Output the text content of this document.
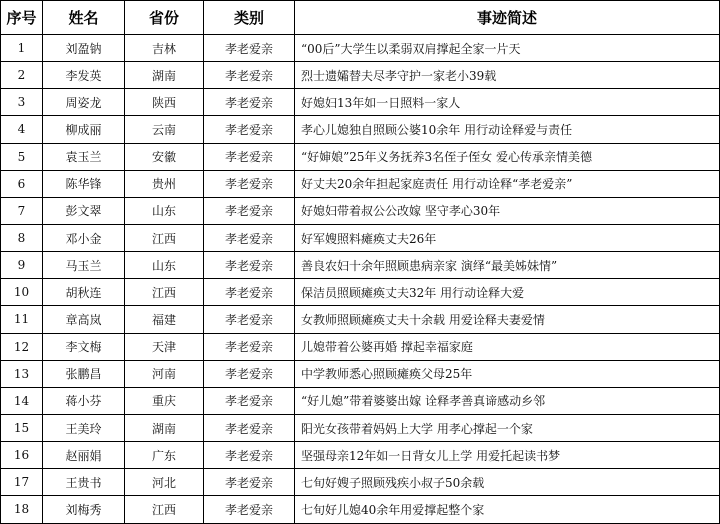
序号	姓名	省份	类别	事迹简述
1	刘盈钠	吉林	孝老爱亲	“00后”大学生以柔弱双肩撑起全家一片天
2	李发英	湖南	孝老爱亲	烈士遗孀替夫尽孝守护一家老小39载
3	周姿龙	陕西	孝老爱亲	好媳妇13年如一日照料一家人
4	柳成丽	云南	孝老爱亲	孝心儿媳独自照顾公婆10余年 用行动诠释爱与责任
5	袁玉兰	安徽	孝老爱亲	“好婶娘”25年义务抚养3名侄子侄女 爱心传承亲情美德
6	陈华锋	贵州	孝老爱亲	好丈夫20余年担起家庭责任 用行动诠释“孝老爱亲”
7	彭文翠	山东	孝老爱亲	好媳妇带着叔公公改嫁 坚守孝心30年
8	邓小金	江西	孝老爱亲	好军嫂照料瘫痪丈夫26年
9	马玉兰	山东	孝老爱亲	善良农妇十余年照顾患病亲家 演绎“最美姊妹情”
10	胡秋连	江西	孝老爱亲	保洁员照顾瘫痪丈夫32年 用行动诠释大爱
11	章高岚	福建	孝老爱亲	女教师照顾瘫痪丈夫十余载 用爱诠释夫妻爱情
12	李文梅	天津	孝老爱亲	儿媳带着公婆再婚 撑起幸福家庭
13	张鹏昌	河南	孝老爱亲	中学教师悉心照顾瘫痪父母25年
14	蒋小芬	重庆	孝老爱亲	“好儿媳”带着婆婆出嫁 诠释孝善真谛感动乡邻
15	王美玲	湖南	孝老爱亲	阳光女孩带着妈妈上大学 用孝心撑起一个家
16	赵丽娟	广东	孝老爱亲	坚强母亲12年如一日背女儿上学 用爱托起读书梦
17	王贵书	河北	孝老爱亲	七旬好嫂子照顾残疾小叔子50余载
18	刘梅秀	江西	孝老爱亲	七旬好儿媳40余年用爱撑起整个家
